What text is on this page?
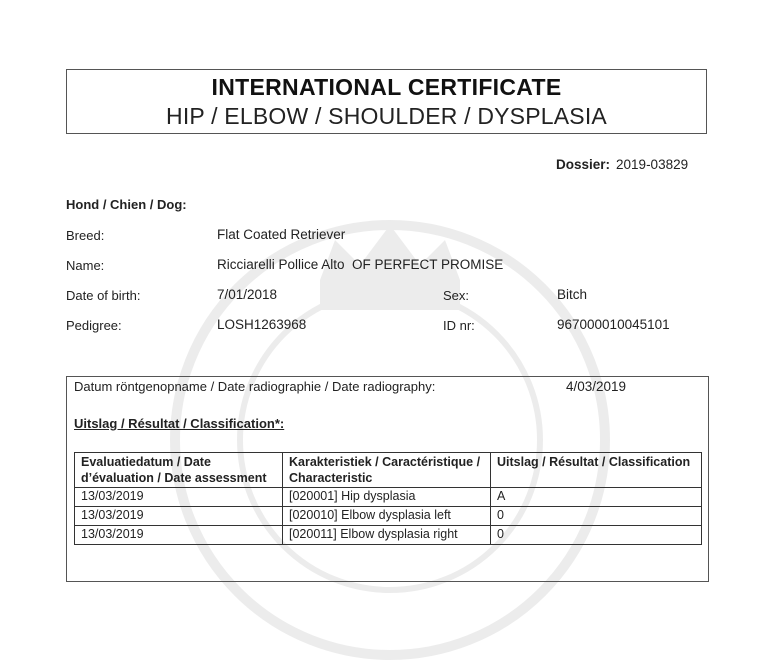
INTERNATIONAL CERTIFICATE
HIP / ELBOW / SHOULDER / DYSPLASIA
Dossier: 2019-03829
Hond / Chien / Dog:
Breed:	Flat Coated Retriever
Name:	Ricciarelli Pollice Alto  OF PERFECT PROMISE
Date of birth:	7/01/2018	Sex:	Bitch
Pedigree:	LOSH1263968	ID nr:	967000010045101
Datum röntgenopname / Date radiographie / Date radiography:	4/03/2019
Uitslag / Résultat / Classification*:
Evaluatiedatum / Date d’évaluation / Date assessment	Karakteristiek / Caractéristique / Characteristic	Uitslag / Résultat / Classification
13/03/2019	[020001] Hip dysplasia	A
13/03/2019	[020010] Elbow dysplasia left	0
13/03/2019	[020011] Elbow dysplasia right	0
